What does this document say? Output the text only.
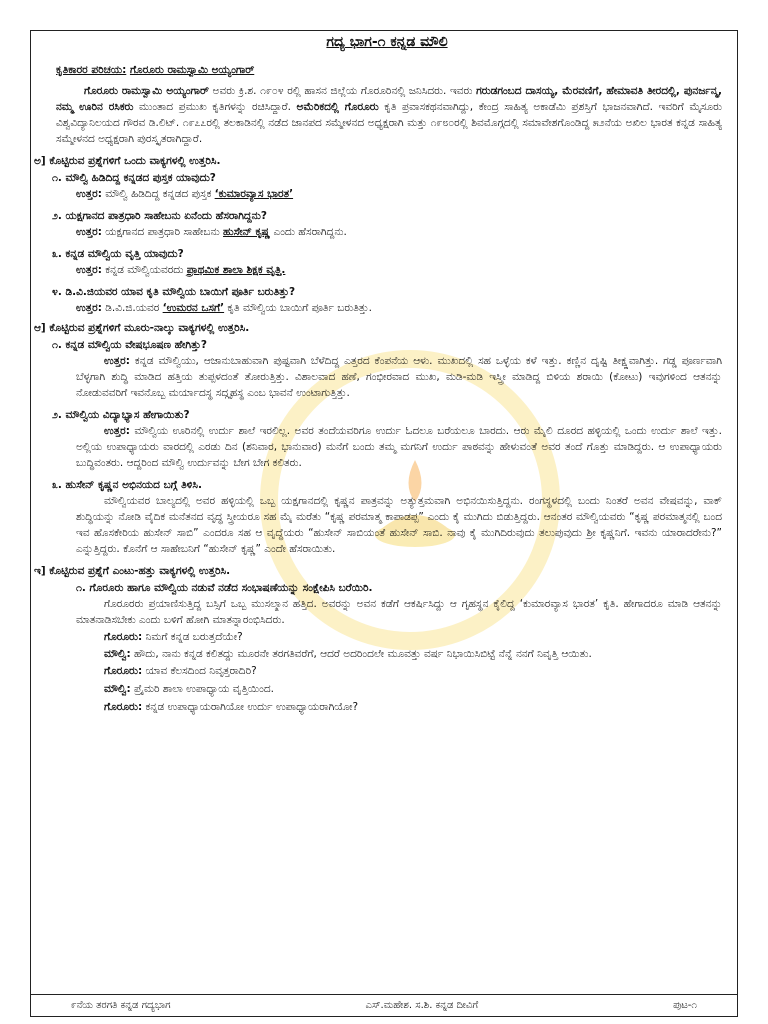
ಗದ್ಯ ಭಾಗ-೧ ಕನ್ನಡ ಮೌಲಿ
ಕೃತಿಕಾರರ ಪರಿಚಯ: ಗೊರೂರು ರಾಮಸ್ವಾಮಿ ಅಯ್ಯಂಗಾರ್

ಗೊರೂರು ರಾಮಸ್ವಾಮಿ ಅಯ್ಯಂಗಾರ್ ಅವರು ಕ್ರಿ.ಶ. ೧೯೦೪ ರಲ್ಲಿ ಹಾಸನ ಜಿಲ್ಲೆಯ ಗೊರೂರಿನಲ್ಲಿ ಜನಿಸಿದರು. ಇವರು ಗರುಡಗಂಬದ ದಾಸಯ್ಯ, ಮೆರವಣಿಗೆ, ಹೇಮಾವತಿ ತೀರದಲ್ಲಿ, ಪುನರ್ಜನ್ಮ, ನಮ್ಮ ಊರಿನ ರಸಿಕರು ಮುಂತಾದ ಪ್ರಮುಖ ಕೃತಿಗಳನ್ನು ರಚಿಸಿದ್ದಾರೆ. ಅಮೆರಿಕದಲ್ಲಿ ಗೊರೂರು ಕೃತಿ ಪ್ರವಾಸಕಥನವಾಗಿದ್ದು, ಕೇಂದ್ರ ಸಾಹಿತ್ಯ ಅಕಾಡೆಮಿ ಪ್ರಶಸ್ತಿಗೆ ಭಾಜನವಾಗಿದೆ. ಇವರಿಗೆ ಮೈಸೂರು ವಿಶ್ವವಿದ್ಯಾನಿಲಯದ ಗೌರವ ಡಿ.ಲಿಟ್. ೧೯೭೭ರಲ್ಲಿ ತಲಕಾಡಿನಲ್ಲಿ ನಡೆದ ಜಾನಪದ ಸಮ್ಮೇಳನದ ಅಧ್ಯಕ್ಷರಾಗಿ ಮತ್ತು ೧೯೮೦ರಲ್ಲಿ ಶಿವಮೊಗ್ಗದಲ್ಲಿ ಸಮಾವೇಶಗೊಂಡಿದ್ದ ೫೨ನೆಯ ಅಖಿಲ ಭಾರತ ಕನ್ನಡ ಸಾಹಿತ್ಯ ಸಮ್ಮೇಳನದ ಅಧ್ಯಕ್ಷರಾಗಿ ಪುರಸ್ಕೃತರಾಗಿದ್ದಾರೆ.

ಅ] ಕೊಟ್ಟಿರುವ ಪ್ರಶ್ನೆಗಳಿಗೆ ಒಂದು ವಾಕ್ಯಗಳಲ್ಲಿ ಉತ್ತರಿಸಿ.
೧. ಮೌಲ್ವಿ ಹಿಡಿದಿದ್ದ ಕನ್ನಡದ ಪುಸ್ತಕ ಯಾವುದು?
ಉತ್ತರ: ಮೌಲ್ವಿ ಹಿಡಿದಿದ್ದ ಕನ್ನಡದ ಪುಸ್ತಕ ‘ಕುಮಾರವ್ಯಾಸ ಭಾರತ’
೨. ಯಕ್ಷಗಾನದ ಪಾತ್ರಧಾರಿ ಸಾಹೇಬನು ಏನೆಂದು ಹೆಸರಾಗಿದ್ದನು?
ಉತ್ತರ: ಯಕ್ಷಗಾನದ ಪಾತ್ರಧಾರಿ ಸಾಹೇಬನು ಹುಸೇನ್ ಕೃಷ್ಣ ಎಂದು ಹೆಸರಾಗಿದ್ದನು.
೩. ಕನ್ನಡ ಮೌಲ್ವಿಯ ವೃತ್ತಿ ಯಾವುದು?
ಉತ್ತರ: ಕನ್ನಡ ಮೌಲ್ವಿಯವರದು ಪ್ರಾಥಮಿಕ ಶಾಲಾ ಶಿಕ್ಷಕ ವೃತ್ತಿ.
೪. ಡಿ.ವಿ.ಜಿಯವರ ಯಾವ ಕೃತಿ ಮೌಲ್ವಿಯ ಬಾಯಿಗೆ ಪೂರ್ತಿ ಬರುತಿತ್ತು?
ಉತ್ತರ: ಡಿ.ವಿ.ಜಿ.ಯವರ ‘ಉಮರನ ಒಸಗೆ’ ಕೃತಿ ಮೌಲ್ವಿಯ ಬಾಯಿಗೆ ಪೂರ್ತಿ ಬರುತಿತ್ತು.
ಆ] ಕೊಟ್ಟಿರುವ ಪ್ರಶ್ನೆಗಳಿಗೆ ಮೂರು-ನಾಲ್ಕು ವಾಕ್ಯಗಳಲ್ಲಿ ಉತ್ತರಿಸಿ.
೧. ಕನ್ನಡ ಮೌಲ್ವಿಯ ವೇಷಭೂಷಣ ಹೇಗಿತ್ತು?
ಉತ್ತರ: ಕನ್ನಡ ಮೌಲ್ವಿಯು, ಆಜಾನುಬಾಹುವಾಗಿ ಪುಷ್ಟವಾಗಿ ಬೆಳೆದಿದ್ದ ಎತ್ತರದ ಕೆಂಪನೆಯ ಆಳು. ಮುಖದಲ್ಲಿ ಸಹ ಒಳ್ಳೆಯ ಕಳೆ ಇತ್ತು. ಕಣ್ಣಿನ ದೃಷ್ಟಿ ತೀಕ್ಷ್ಣವಾಗಿತ್ತು. ಗಡ್ಡ ಪೂರ್ಣವಾಗಿ ಬೆಳ್ಳಗಾಗಿ ಶುದ್ಧಿ ಮಾಡಿದ ಹತ್ತಿಯ ತುಪ್ಪಳದಂತೆ ತೋರುತ್ತಿತ್ತು. ವಿಶಾಲವಾದ ಹಣೆ, ಗಂಭೀರವಾದ ಮುಖ, ಮಡಿ-ಮಡಿ ಇಸ್ತ್ರೀ ಮಾಡಿದ್ದ ಬಿಳಿಯ ಶರಾಯಿ (ಕೋಟು) ಇವುಗಳಿಂದ ಆತನನ್ನು ನೋಡುವವರಿಗೆ ಇವನೊಬ್ಬ ಮರ್ಯಾದಸ್ಥ ಸದ್ಗೃಹಸ್ಥ ಎಂಬ ಭಾವನೆ ಉಂಟಾಗುತ್ತಿತ್ತು.
೨. ಮೌಲ್ವಿಯ ವಿದ್ಯಾಭ್ಯಾಸ ಹೇಗಾಯಿತು?
ಉತ್ತರ: ಮೌಲ್ವಿಯ ಊರಿನಲ್ಲಿ ಉರ್ದು ಶಾಲೆ ಇರಲಿಲ್ಲ. ಅವರ ತಂದೆಯವರಿಗೂ ಉರ್ದು ಓದಲೂ ಬರೆಯಲೂ ಬಾರದು. ಆರು ಮೈಲಿ ದೂರದ ಹಳ್ಳಿಯಲ್ಲಿ ಒಂದು ಉರ್ದು ಶಾಲೆ ಇತ್ತು. ಅಲ್ಲಿಯ ಉಪಾಧ್ಯಾಯರು ವಾರದಲ್ಲಿ ಎರಡು ದಿನ (ಶನಿವಾರ, ಭಾನುವಾರ) ಮನೆಗೆ ಬಂದು ತಮ್ಮ ಮಗನಿಗೆ ಉರ್ದು ಪಾಠವನ್ನು ಹೇಳುವಂತೆ ಅವರ ತಂದೆ ಗೊತ್ತು ಮಾಡಿದ್ದರು. ಆ ಉಪಾಧ್ಯಾಯರು ಬುದ್ಧಿವಂತರು. ಆದ್ದರಿಂದ ಮೌಲ್ವಿ ಉರ್ದುವನ್ನು ಬೇಗ ಬೇಗ ಕಲಿತರು.
೩. ಹುಸೇನ್ ಕೃಷ್ಣನ ಅಭಿನಯದ ಬಗ್ಗೆ ತಿಳಿಸಿ.
ಮೌಲ್ವಿಯವರ ಬಾಲ್ಯದಲ್ಲಿ ಅವರ ಹಳ್ಳಿಯಲ್ಲಿ ಒಬ್ಬ ಯಕ್ಷಗಾನದಲ್ಲಿ ಕೃಷ್ಣನ ಪಾತ್ರವನ್ನು ಅತ್ಯುತ್ತಮವಾಗಿ ಅಭಿನಯಿಸುತ್ತಿದ್ದನು. ರಂಗಸ್ಥಳದಲ್ಲಿ ಬಂದು ನಿಂತರೆ ಅವನ ವೇಷವನ್ನು, ವಾಕ್ ಶುದ್ಧಿಯನ್ನು ನೋಡಿ ವೈದಿಕ ಮನೆತನದ ವೃದ್ಧ ಸ್ತ್ರೀಯರೂ ಸಹ ಮೈ ಮರೆತು “ಕೃಷ್ಣ ಪರಮಾತ್ಮ ಕಾಪಾಡಪ್ಪ” ಎಂದು ಕೈ ಮುಗಿದು ಬಿಡುತ್ತಿದ್ದರು. ಆನಂತರ ಮೌಲ್ವಿಯವರು “ಕೃಷ್ಣ ಪರಮಾತ್ಮನಲ್ಲಿ ಬಂದ ಇವ ಹೊಸಕೇರಿಯ ಹುಸೇನ್ ಸಾಬಿ” ಎಂದರೂ ಸಹ ಆ ವೃದ್ಧೆಯರು “ಹುಸೇನ್ ಸಾಬಿಯಂತೆ ಹುಸೇನ್ ಸಾಬಿ. ನಾವು ಕೈ ಮುಗಿದಿರುವುದು ತಲುಪುವುದು ಶ್ರೀ ಕೃಷ್ಣನಿಗೆ. ಇವನು ಯಾರಾದರೇನು?” ಎನ್ನುತ್ತಿದ್ದರು. ಕೊನೆಗೆ ಆ ಸಾಹೇಬನಿಗೆ “ಹುಸೇನ್ ಕೃಷ್ಣ” ಎಂದೇ ಹೆಸರಾಯಿತು.
ಇ] ಕೊಟ್ಟಿರುವ ಪ್ರಶ್ನೆಗೆ ಎಂಟು-ಹತ್ತು ವಾಕ್ಯಗಳಲ್ಲಿ ಉತ್ತರಿಸಿ.
೧. ಗೊರೂರು ಹಾಗೂ ಮೌಲ್ವಿಯ ನಡುವೆ ನಡೆದ ಸಂಭಾಷಣೆಯನ್ನು ಸಂಕ್ಷೇಪಿಸಿ ಬರೆಯಿರಿ.
ಗೊರೂರರು ಪ್ರಯಾಣಿಸುತ್ತಿದ್ದ ಬಸ್ಸಿಗೆ ಒಬ್ಬ ಮುಸಲ್ಮಾನ ಹತ್ತಿದ. ಅವರನ್ನು ಅವನ ಕಡೆಗೆ ಆಕರ್ಷಿಸಿದ್ದು ಆ ಗೃಹಸ್ಥನ ಕೈಲಿದ್ದ ‘ಕುಮಾರವ್ಯಾಸ ಭಾರತ’ ಕೃತಿ. ಹೇಗಾದರೂ ಮಾಡಿ ಆತನನ್ನು ಮಾತನಾಡಿಸಬೇಕು ಎಂದು ಬಳಿಗೆ ಹೋಗಿ ಮಾತನ್ನಾರಂಭಿಸಿದರು.
ಗೊರೂರು: ನಿಮಗೆ ಕನ್ನಡ ಬರುತ್ತದೆಯೇ?
ಮೌಲ್ವಿ: ಹೌದು, ನಾನು ಕನ್ನಡ ಕಲಿತದ್ದು ಮೂರನೇ ತರಗತಿವರೆಗೆ, ಆದರೆ ಅದರಿಂದಲೇ ಮೂವತ್ತು ವರ್ಷ ನಿಭಾಯಿಸಿಬಿಟ್ಟೆ ನೆನ್ನೆ ನನಗೆ ನಿವೃತ್ತಿ ಆಯಿತು.
ಗೊರೂರು: ಯಾವ ಕೆಲಸದಿಂದ ನಿವೃತ್ತರಾದಿರಿ?
ಮೌಲ್ವಿ: ಪ್ರೈಮರಿ ಶಾಲಾ ಉಪಾಧ್ಯಾಯ ವೃತ್ತಿಯಿಂದ.
ಗೊರೂರು: ಕನ್ನಡ ಉಪಾಧ್ಯಾಯರಾಗಿಯೋ ಉರ್ದು ಉಪಾಧ್ಯಾಯರಾಗಿಯೋ?
೯ನೆಯ ತರಗತಿ ಕನ್ನಡ ಗದ್ಯಭಾಗ	ಎಸ್.ಮಹೇಶ. ಸ.ಶಿ. ಕನ್ನಡ ದೀವಿಗೆ	ಪುಟ-೧
